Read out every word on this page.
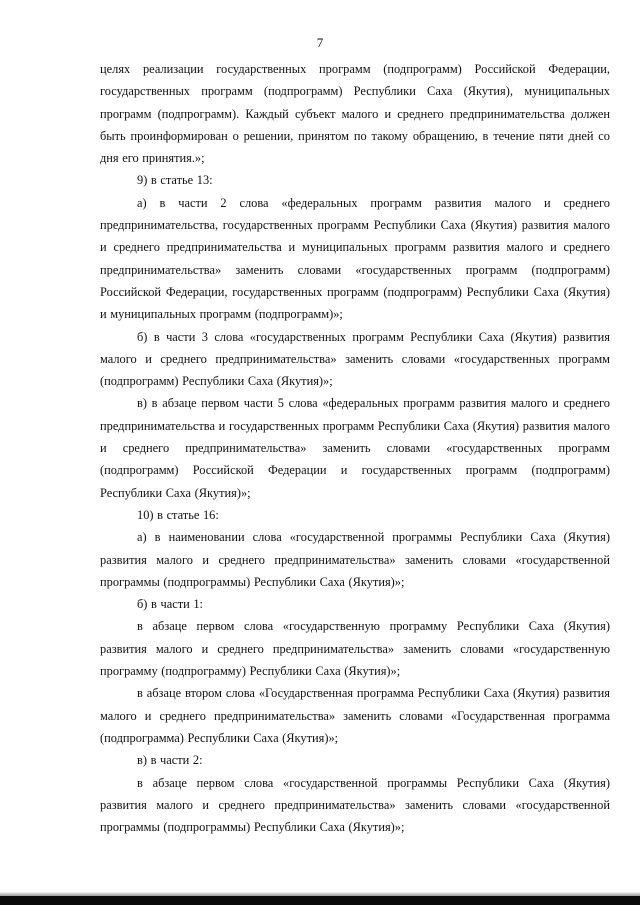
7

целях реализации государственных программ (подпрограмм) Российской Федерации, государственных программ (подпрограмм) Республики Саха (Якутия), муниципальных программ (подпрограмм). Каждый субъект малого и среднего предпринимательства должен быть проинформирован о решении, принятом по такому обращению, в течение пяти дней со дня его принятия.»;

9) в статье 13:

а) в части 2 слова «федеральных программ развития малого и среднего предпринимательства, государственных программ Республики Саха (Якутия) развития малого и среднего предпринимательства и муниципальных программ развития малого и среднего предпринимательства» заменить словами «государственных программ (подпрограмм) Российской Федерации, государственных программ (подпрограмм) Республики Саха (Якутия) и муниципальных программ (подпрограмм)»;

б) в части 3 слова «государственных программ Республики Саха (Якутия) развития малого и среднего предпринимательства» заменить словами «государственных программ (подпрограмм) Республики Саха (Якутия)»;

в) в абзаце первом части 5 слова «федеральных программ развития малого и среднего предпринимательства и государственных программ Республики Саха (Якутия) развития малого и среднего предпринимательства» заменить словами «государственных программ (подпрограмм) Российской Федерации и государственных программ (подпрограмм) Республики Саха (Якутия)»;

10) в статье 16:

а) в наименовании слова «государственной программы Республики Саха (Якутия) развития малого и среднего предпринимательства» заменить словами «государственной программы (подпрограммы) Республики Саха (Якутия)»;

б) в части 1:

в абзаце первом слова «государственную программу Республики Саха (Якутия) развития малого и среднего предпринимательства» заменить словами «государственную программу (подпрограмму) Республики Саха (Якутия)»;

в абзаце втором слова «Государственная программа Республики Саха (Якутия) развития малого и среднего предпринимательства» заменить словами «Государственная программа (подпрограмма) Республики Саха (Якутия)»;

в) в части 2:

в абзаце первом слова «государственной программы Республики Саха (Якутия) развития малого и среднего предпринимательства» заменить словами «государственной программы (подпрограммы) Республики Саха (Якутия)»;
